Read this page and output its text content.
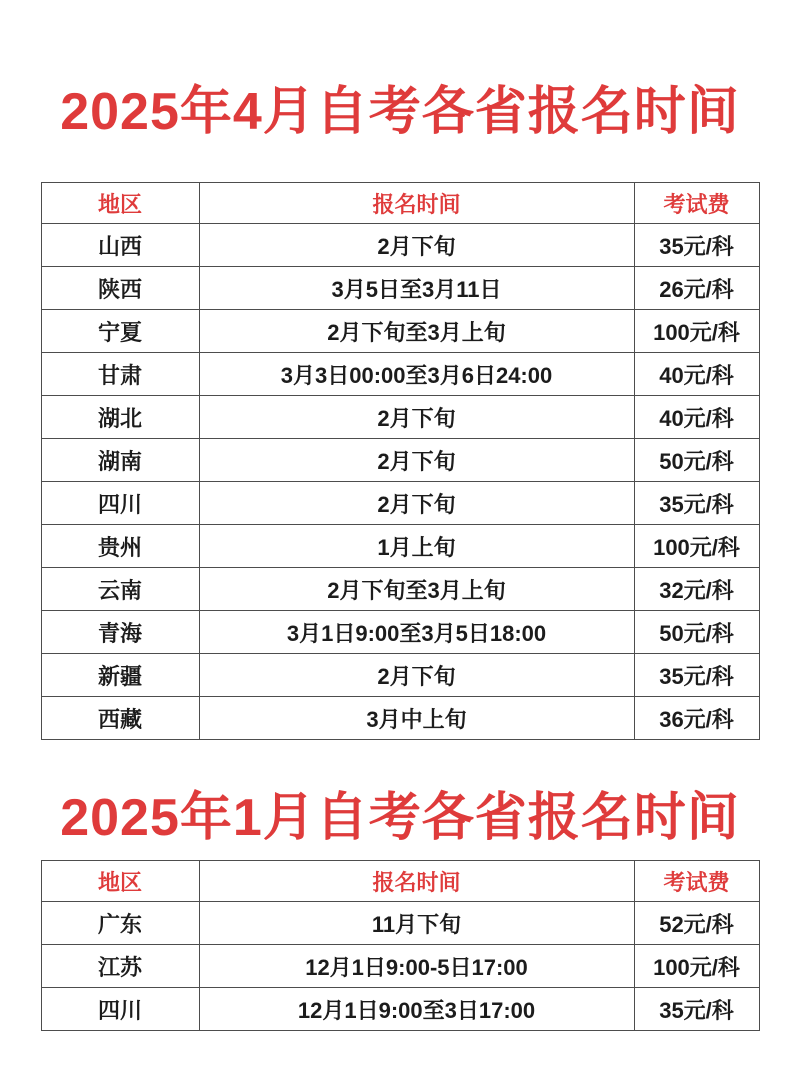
2025年4月自考各省报名时间
地区	报名时间	考试费
山西	2月下旬	35元/科
陕西	3月5日至3月11日	26元/科
宁夏	2月下旬至3月上旬	100元/科
甘肃	3月3日00:00至3月6日24:00	40元/科
湖北	2月下旬	40元/科
湖南	2月下旬	50元/科
四川	2月下旬	35元/科
贵州	1月上旬	100元/科
云南	2月下旬至3月上旬	32元/科
青海	3月1日9:00至3月5日18:00	50元/科
新疆	2月下旬	35元/科
西藏	3月中上旬	36元/科
2025年1月自考各省报名时间
地区	报名时间	考试费
广东	11月下旬	52元/科
江苏	12月1日9:00-5日17:00	100元/科
四川	12月1日9:00至3日17:00	35元/科
